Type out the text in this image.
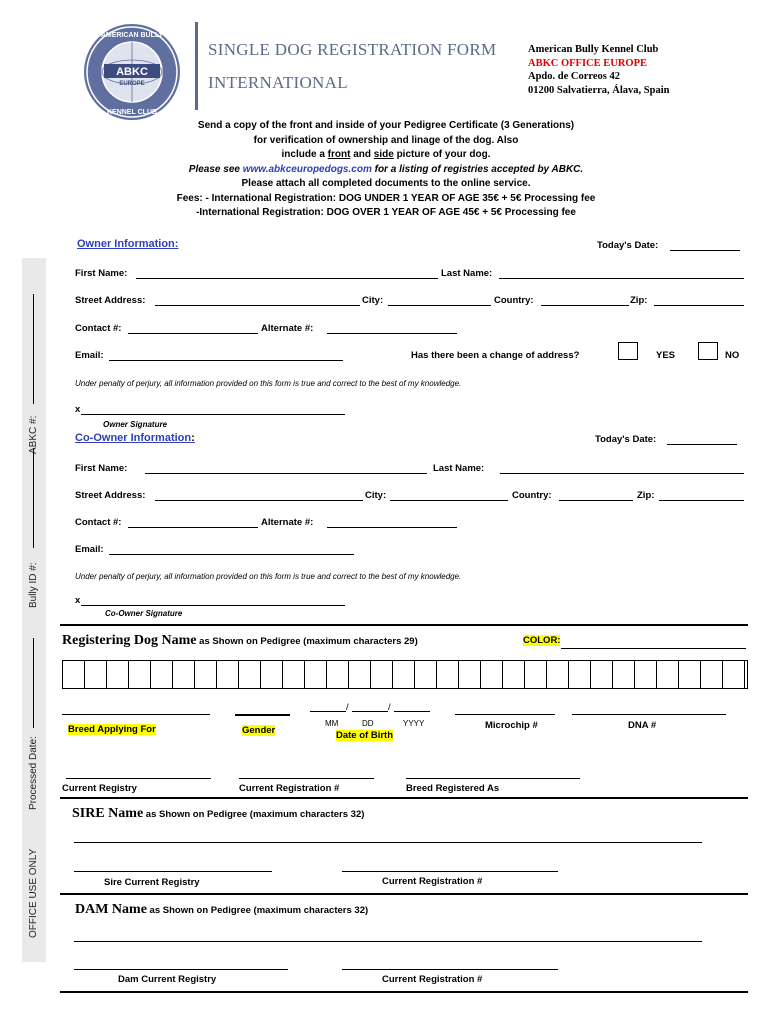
ABKC
EUROPE
AMERICAN BULLY
KENNEL CLUB
SINGLE DOG REGISTRATION FORM
INTERNATIONAL
American Bully Kennel Club
ABKC OFFICE EUROPE
Apdo. de Correos 42
01200 Salvatierra, Álava, Spain
Send a copy of the front and inside of your Pedigree Certificate (3 Generations)
for verification of ownership and linage of the dog. Also
include a front and side picture of your dog.
Please see www.abkceuropedogs.com for a listing of registries accepted by ABKC.
Please attach all completed documents to the online service.
Fees: - International Registration: DOG UNDER 1 YEAR OF AGE 35€ + 5€ Processing fee
-International Registration: DOG OVER 1 YEAR OF AGE 45€ + 5€ Processing fee
OFFICE USE ONLY
Processed Date:
Bully ID #:
ABKC #:
Owner Information:	Today's Date:
First Name:	Last Name:
Street Address:	City:	Country:	Zip:
Contact #:	Alternate #:
Email:	Has there been a change of address?	YES	NO
Under penalty of perjury, all information provided on this form is true and correct to the best of my knowledge.
x
Owner Signature
Co-Owner Information:	Today's Date:
First Name:	Last Name:
Street Address:	City:	Country:	Zip:
Contact #:	Alternate #:
Email:
Under penalty of perjury, all information provided on this form is true and correct to the best of my knowledge.
x
Co-Owner Signature
Registering Dog Name as Shown on Pedigree (maximum characters 29)	COLOR:
/	/
Breed Applying For	Gender
MM	DD	YYYY
Date of Birth
Microchip #	DNA #
Current Registry	Current Registration #	Breed Registered As
SIRE Name as Shown on Pedigree (maximum characters 32)
Sire Current Registry	Current Registration #
DAM Name as Shown on Pedigree (maximum characters 32)
Dam Current Registry	Current Registration #
